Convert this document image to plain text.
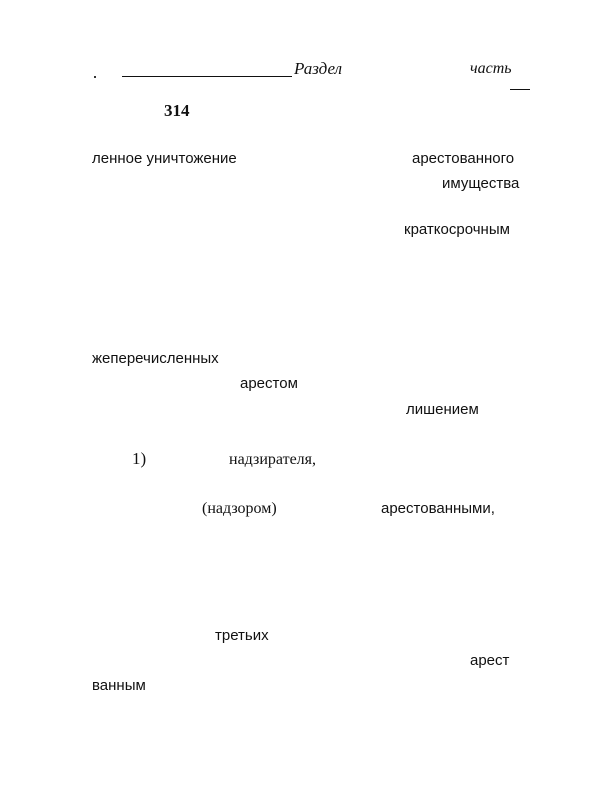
Раздел	часть
314
ленное уничтожение	арестованного
имущества
краткосрочным
жеперечисленных
арестом
лишением
1)	надзирателя,
(надзором)	арестованными,
третьих
арест
ванным
